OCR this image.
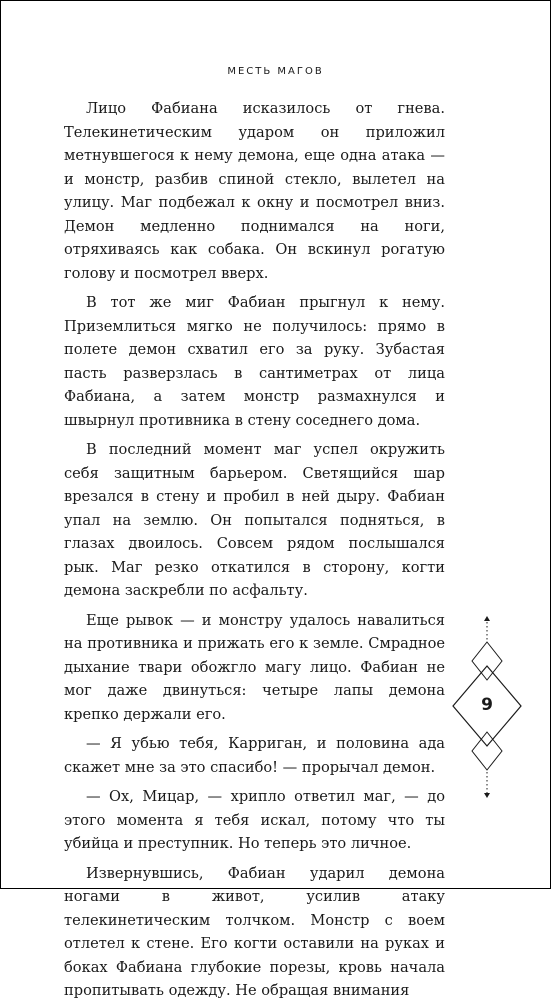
МЕСТЬ МАГОВ

Лицо Фабиана исказилось от гнева. Телекинетическим ударом он приложил метнувшегося к нему демона, еще одна атака — и монстр, разбив спиной стекло, вылетел на улицу. Маг подбежал к окну и посмотрел вниз. Демон медленно поднимался на ноги, отряхиваясь как собака. Он вскинул рогатую голову и посмотрел вверх.

В тот же миг Фабиан прыгнул к нему. Приземлиться мягко не получилось: прямо в полете демон схватил его за руку. Зубастая пасть разверзлась в сантиметрах от лица Фабиана, а затем монстр размахнулся и швырнул противника в стену соседнего дома.

В последний момент маг успел окружить себя защитным барьером. Светящийся шар врезался в стену и пробил в ней дыру. Фабиан упал на землю. Он попытался подняться, в глазах двоилось. Совсем рядом послышался рык. Маг резко откатился в сторону, когти демона заскребли по асфальту.

Еще рывок — и монстру удалось навалиться на противника и прижать его к земле. Смрадное дыхание твари обожгло магу лицо. Фабиан не мог даже двинуться: четыре лапы демона крепко держали его.

— Я убью тебя, Карриган, и половина ада скажет мне за это спасибо! — прорычал демон.

— Ох, Мицар, — хрипло ответил маг, — до этого момента я тебя искал, потому что ты убийца и преступник. Но теперь это личное.

Извернувшись, Фабиан ударил демона ногами в живот, усилив атаку телекинетическим толчком. Монстр с воем отлетел к стене. Его когти оставили на руках и боках Фабиана глубокие порезы, кровь начала пропитывать одежду. Не обращая внимания

9
